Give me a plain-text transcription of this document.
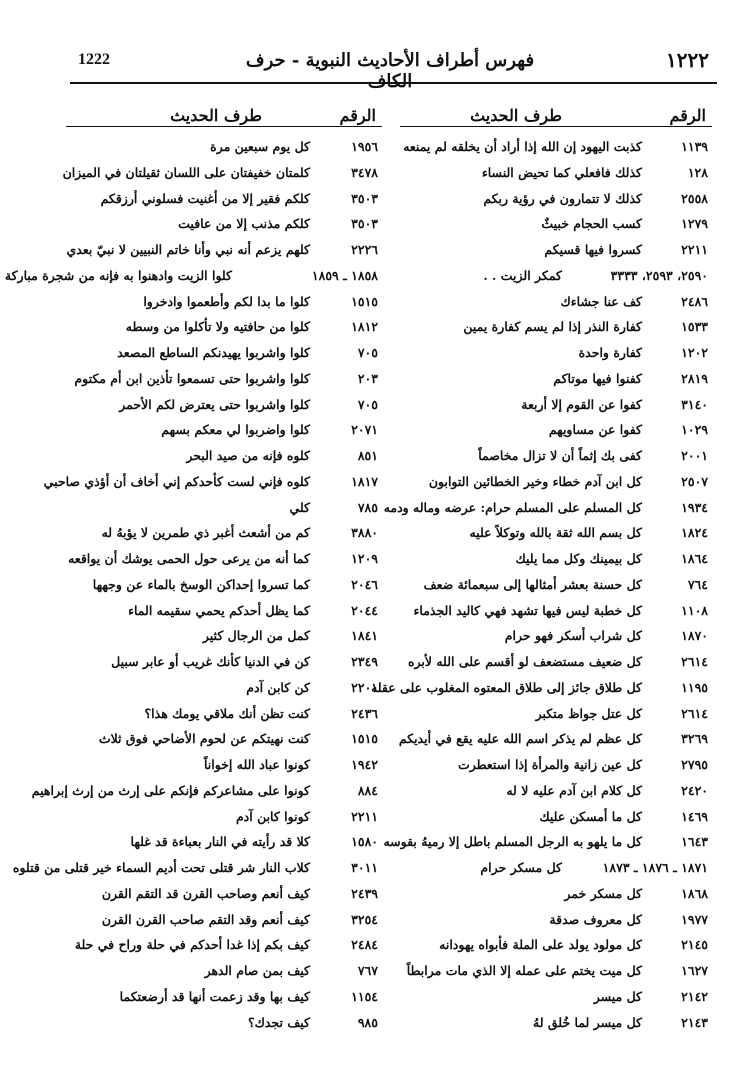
١٢٢٢
فهرس أطراف الأحاديث النبوية - حرف الكاف
1222
الرقم
طرف الحديث
١١٣٩
كذبت اليهود إن الله إذا أراد أن يخلقه لم يمنعه
١٢٨
كذلك فافعلي كما تحيض النساء
٢٥٥٨
كذلك لا تتمارون في رؤية ربكم
١٢٧٩
كسب الحجام خبيثٌ
٢٢١١
كسروا فيها قسيكم
٢٥٩٠، ٢٥٩٣، ٣٣٣٣
كمكر الزيت . .
٢٤٨٦
كف عنا جشاءك
١٥٣٣
كفارة النذر إذا لم يسم كفارة يمين
١٢٠٢
كفارة واحدة
٢٨١٩
كفنوا فيها موتاكم
٣١٤٠
كفوا عن القوم إلا أربعة
١٠٢٩
كفوا عن مساويهم
٢٠٠١
كفى بك إثماً أن لا تزال مخاصماً
٢٥٠٧
كل ابن آدم خطاء وخير الخطائين التوابون
١٩٣٤
كل المسلم على المسلم حرام: عرضه وماله ودمه
١٨٢٤
كل بسم الله ثقة بالله وتوكلاً عليه
١٨٦٤
كل بيمينك وكل مما يليك
٧٦٤
كل حسنة بعشر أمثالها إلى سبعمائة ضعف
١١٠٨
كل خطبة ليس فيها تشهد فهي كاليد الجذماء
١٨٧٠
كل شراب أسكر فهو حرام
٢٦١٤
كل ضعيف مستضعف لو أقسم على الله لأبره
١١٩٥
كل طلاق جائز إلى طلاق المعتوه المغلوب على عقله
٢٦١٤
كل عتل جواظ متكبر
٣٢٦٩
كل عظم لم يذكر اسم الله عليه يقع في أيديكم
٢٧٩٥
كل عين زانية والمرأة إذا استعطرت
٢٤٢٠
كل كلام ابن آدم عليه لا له
١٤٦٩
كل ما أمسكن عليك
١٦٤٣
كل ما يلهو به الرجل المسلم باطل إلا رميهُ بقوسه
١٨٧١ ـ ١٨٧٦ ـ ١٨٧٣
كل مسكر حرام
١٨٦٨
كل مسكر خمر
١٩٧٧
كل معروف صدقة
٢١٤٥
كل مولود يولد على الملة فأبواه يهودانه
١٦٢٧
كل ميت يختم على عمله إلا الذي مات مرابطاً
٢١٤٢
كل ميسر
٢١٤٣
كل ميسر لما خُلق لهُ
الرقم
طرف الحديث
١٩٥٦
كل يوم سبعين مرة
٣٤٧٨
كلمتان خفيفتان على اللسان ثقيلتان في الميزان
٣٥٠٣
كلكم فقير إلا من أغنيت فسلوني أرزقكم
٣٥٠٣
كلكم مذنب إلا من عافيت
٢٢٢٦
كلهم يزعم أنه نبي وأنا خاتم النبيين لا نبيّ بعدي
١٨٥٨ ـ ١٨٥٩
كلوا الزيت وادهنوا به فإنه من شجرة مباركة
١٥١٥
كلوا ما بدا لكم وأطعموا وادخروا
١٨١٢
كلوا من حافتيه ولا تأكلوا من وسطه
٧٠٥
كلوا واشربوا يهيدنكم الساطع المصعد
٢٠٣
كلوا واشربوا حتى تسمعوا تأذين ابن أم مكتوم
٧٠٥
كلوا واشربوا حتى يعترض لكم الأحمر
٢٠٧١
كلوا واضربوا لي معكم بسهم
٨٥١
كلوه فإنه من صيد البحر
١٨١٧
كلوه فإني لست كأحدكم إني أخاف أن أؤذي صاحبي
٧٨٥
كلي
٣٨٨٠
كم من أشعث أغبر ذي طمرين لا يؤبهُ له
١٢٠٩
كما أنه من يرعى حول الحمى يوشك أن يواقعه
٢٠٤٦
كما تسروا إحداكن الوسخ بالماء عن وجهها
٢٠٤٤
كما يظل أحدكم يحمي سقيمه الماء
١٨٤١
كمل من الرجال كثير
٢٣٤٩
كن في الدنيا كأنك غريب أو عابر سبيل
٢٢٠١
كن كابن آدم
٢٤٣٦
كنت تظن أنك ملاقي يومك هذا؟
١٥١٥
كنت نهيتكم عن لحوم الأضاحي فوق ثلاث
١٩٤٢
كونوا عباد الله إخواناً
٨٨٤
كونوا على مشاعركم فإنكم على إرث من إرث إبراهيم
٢٢١١
كونوا كابن آدم
١٥٨٠
كلا قد رأيته في النار بعباءة قد غلها
٣٠١١
كلاب النار شر قتلى تحت أديم السماء خير قتلى من قتلوه
٢٤٣٩
كيف أنعم وصاحب القرن قد التقم القرن
٣٢٥٤
كيف أنعم وقد التقم صاحب القرن القرن
٢٤٨٤
كيف بكم إذا غدا أحدكم في حلة وراح في حلة
٧٦٧
كيف بمن صام الدهر
١١٥٤
كيف بها وقد زعمت أنها قد أرضعتكما
٩٨٥
كيف تجدك؟
